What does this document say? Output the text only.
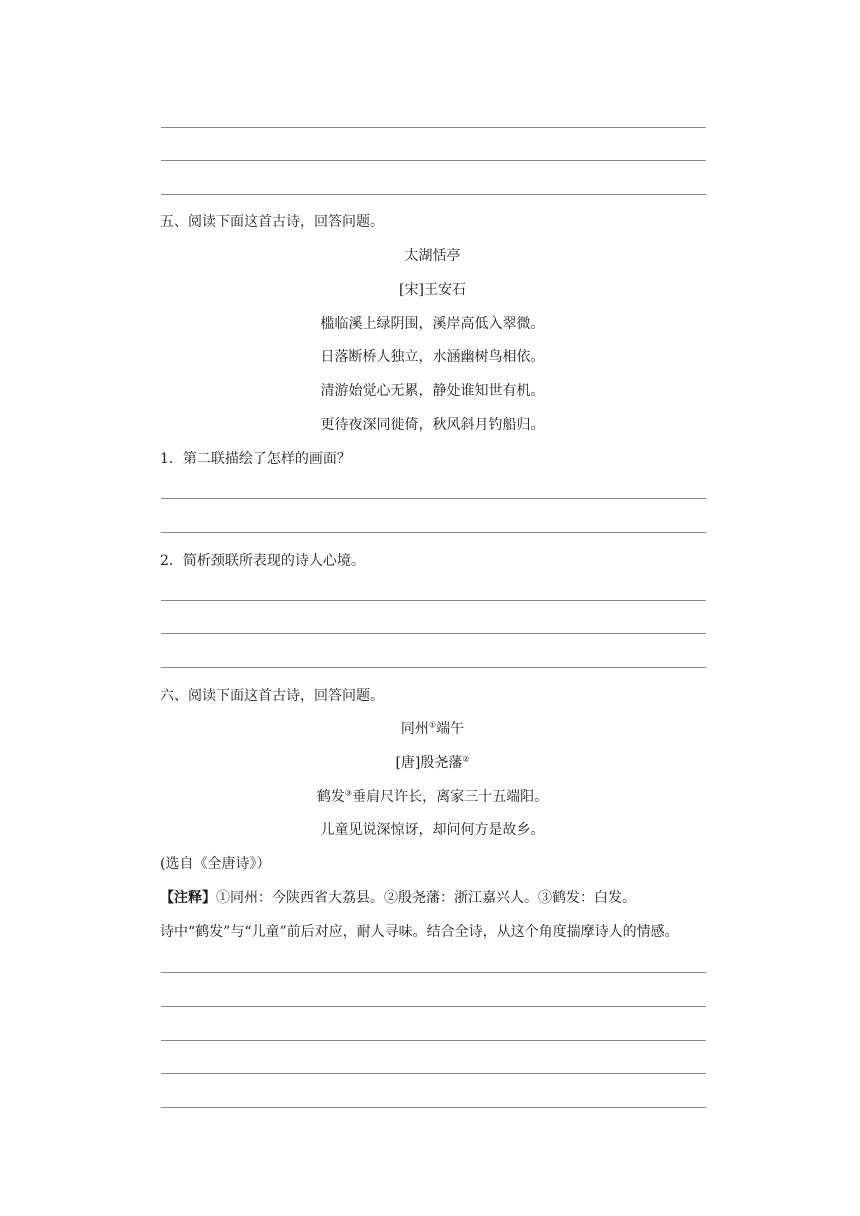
五、阅读下面这首古诗，回答问题。
太湖恬亭
[宋]王安石
槛临溪上绿阴围，溪岸高低入翠微。
日落断桥人独立，水涵幽树鸟相依。
清游始觉心无累，静处谁知世有机。
更待夜深同徙倚，秋风斜月钓船归。
1．第二联描绘了怎样的画面？
2．简析颈联所表现的诗人心境。
六、阅读下面这首古诗，回答问题。
同州①端午
[唐]殷尧藩②
鹤发③垂肩尺许长，离家三十五端阳。
儿童见说深惊讶，却问何方是故乡。
(选自《全唐诗》）
【注释】①同州：今陕西省大荔县。②殷尧藩：浙江嘉兴人。③鹤发：白发。
诗中“鹤发”与“儿童”前后对应，耐人寻味。结合全诗，从这个角度揣摩诗人的情感。
